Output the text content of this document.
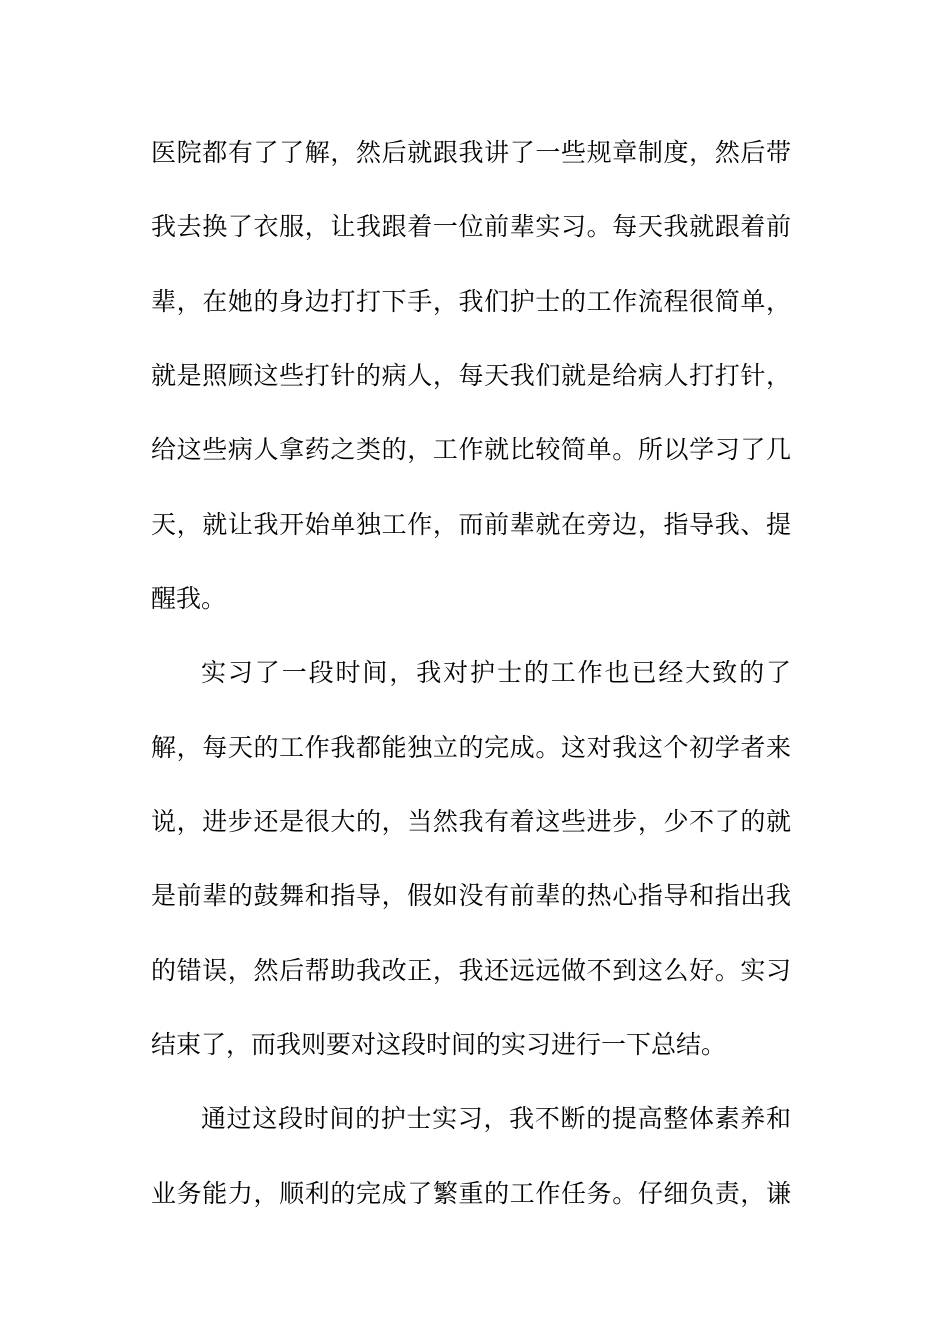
医院都有了了解，然后就跟我讲了一些规章制度，然后带
我去换了衣服，让我跟着一位前辈实习。每天我就跟着前
辈，在她的身边打打下手，我们护士的工作流程很简单，
就是照顾这些打针的病人，每天我们就是给病人打打针，
给这些病人拿药之类的，工作就比较简单。所以学习了几
天，就让我开始单独工作，而前辈就在旁边，指导我、提
醒我。
实习了一段时间，我对护士的工作也已经大致的了
解，每天的工作我都能独立的完成。这对我这个初学者来
说，进步还是很大的，当然我有着这些进步，少不了的就
是前辈的鼓舞和指导，假如没有前辈的热心指导和指出我
的错误，然后帮助我改正，我还远远做不到这么好。实习
结束了，而我则要对这段时间的实习进行一下总结。
通过这段时间的护士实习，我不断的提高整体素养和
业务能力，顺利的完成了繁重的工作任务。仔细负责，谦
